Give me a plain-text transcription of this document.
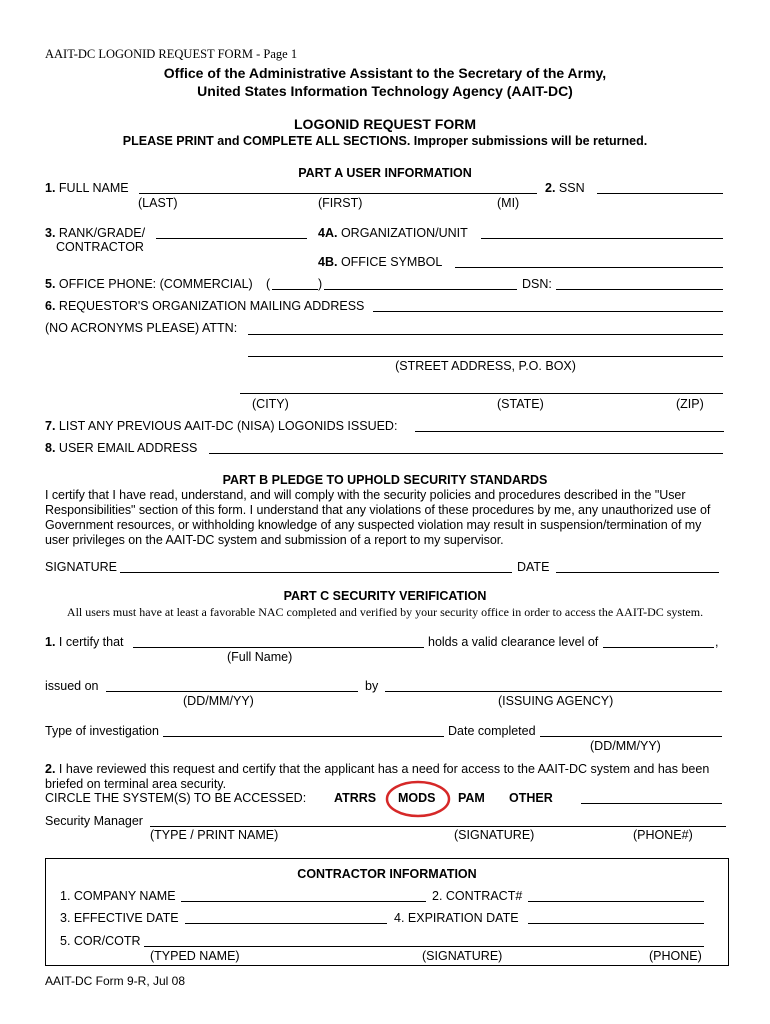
AAIT-DC LOGONID REQUEST FORM - Page 1
Office of the Administrative Assistant to the Secretary of the Army,
United States Information Technology Agency (AAIT-DC)
LOGONID REQUEST FORM
PLEASE PRINT and COMPLETE ALL SECTIONS. Improper submissions will be returned.
PART A USER INFORMATION
1. FULL NAME	2. SSN
(LAST)	(FIRST)	(MI)
3. RANK/GRADE/
CONTRACTOR
4A. ORGANIZATION/UNIT
4B. OFFICE SYMBOL
5. OFFICE PHONE: (COMMERCIAL) (	)	DSN:
6. REQUESTOR'S ORGANIZATION MAILING ADDRESS
(NO ACRONYMS PLEASE) ATTN:
(STREET ADDRESS, P.O. BOX)
(CITY)	(STATE)	(ZIP)
7. LIST ANY PREVIOUS AAIT-DC (NISA) LOGONIDS ISSUED:
8. USER EMAIL ADDRESS
PART B PLEDGE TO UPHOLD SECURITY STANDARDS
I certify that I have read, understand, and will comply with the security policies and procedures described in the "User Responsibilities" section of this form. I understand that any violations of these procedures by me, any unauthorized use of Government resources, or withholding knowledge of any suspected violation may result in suspension/termination of my user privileges on the AAIT-DC system and submission of a report to my supervisor.
SIGNATURE	DATE
PART C SECURITY VERIFICATION
All users must have at least a favorable NAC completed and verified by your security office in order to access the AAIT-DC system.
1. I certify that	holds a valid clearance level of	,
(Full Name)
issued on	by
(DD/MM/YY)	(ISSUING AGENCY)
Type of investigation	Date completed
(DD/MM/YY)
2. I have reviewed this request and certify that the applicant has a need for access to the AAIT-DC system and has been briefed on terminal area security.
CIRCLE THE SYSTEM(S) TO BE ACCESSED: ATRRS MODS PAM OTHER
Security Manager
(TYPE / PRINT NAME)	(SIGNATURE)	(PHONE#)
CONTRACTOR INFORMATION
1. COMPANY NAME	2. CONTRACT#
3. EFFECTIVE DATE	4. EXPIRATION DATE
5. COR/COTR
(TYPED NAME)	(SIGNATURE)	(PHONE)
AAIT-DC Form 9-R, Jul 08
